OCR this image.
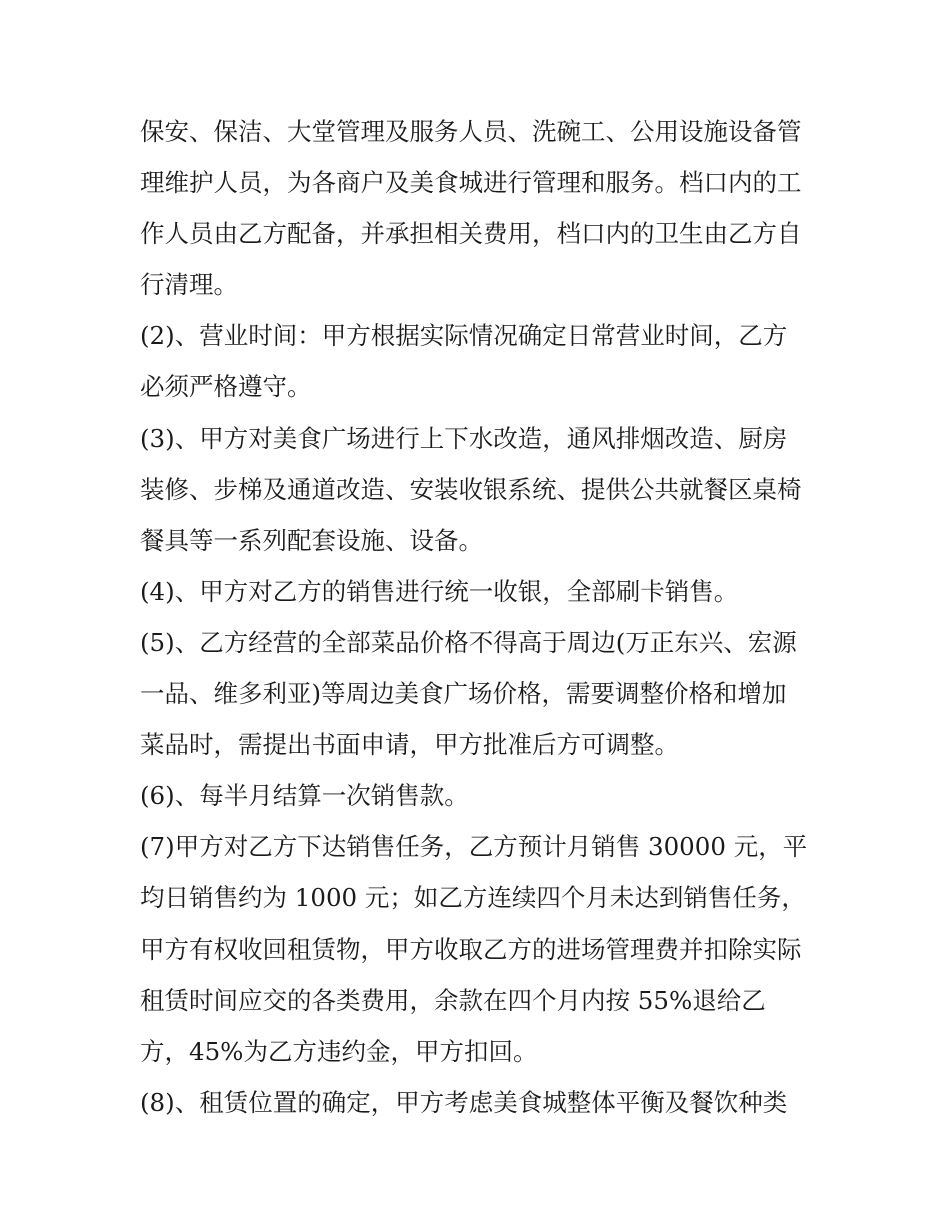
保安、保洁、大堂管理及服务人员、洗碗工、公用设施设备管
理维护人员，为各商户及美食城进行管理和服务。档口内的工
作人员由乙方配备，并承担相关费用，档口内的卫生由乙方自
行清理。
(2)、营业时间：甲方根据实际情况确定日常营业时间，乙方
必须严格遵守。
(3)、甲方对美食广场进行上下水改造，通风排烟改造、厨房
装修、步梯及通道改造、安装收银系统、提供公共就餐区桌椅
餐具等一系列配套设施、设备。
(4)、甲方对乙方的销售进行统一收银，全部刷卡销售。
(5)、乙方经营的全部菜品价格不得高于周边(万正东兴、宏源
一品、维多利亚)等周边美食广场价格，需要调整价格和增加
菜品时，需提出书面申请，甲方批准后方可调整。
(6)、每半月结算一次销售款。
(7)甲方对乙方下达销售任务，乙方预计月销售 30000 元，平
均日销售约为 1000 元；如乙方连续四个月未达到销售任务，
甲方有权收回租赁物，甲方收取乙方的进场管理费并扣除实际
租赁时间应交的各类费用，余款在四个月内按 55%退给乙
方，45%为乙方违约金，甲方扣回。
(8)、租赁位置的确定，甲方考虑美食城整体平衡及餐饮种类
